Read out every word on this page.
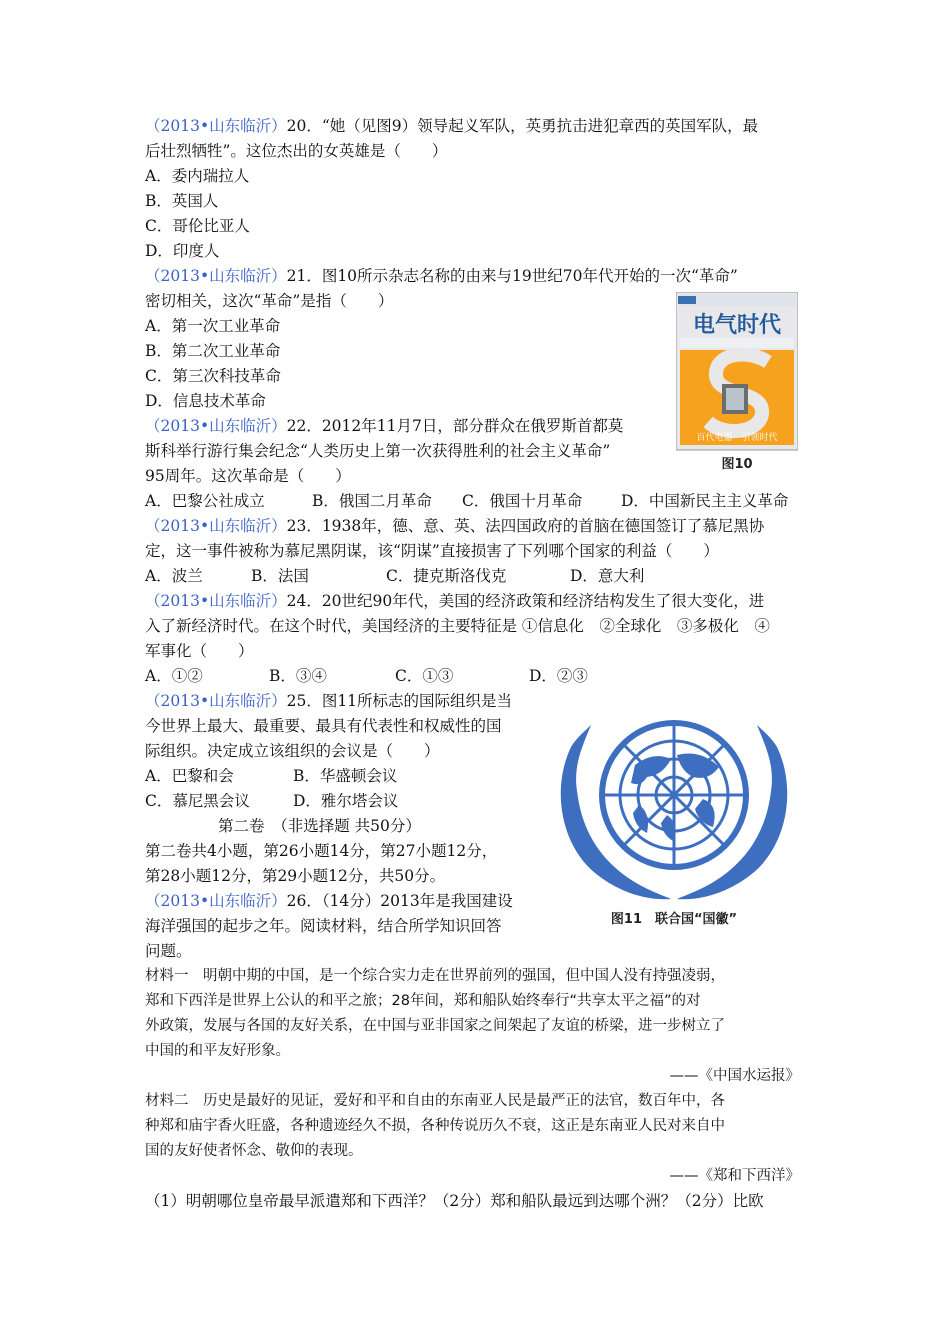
（2013•山东临沂）20．“她（见图9）领导起义军队，英勇抗击进犯章西的英国军队，最
后壮烈牺牲”。这位杰出的女英雄是（　　）
A．委内瑞拉人
B．英国人
C．哥伦比亚人
D．印度人
（2013•山东临沂）21．图10所示杂志名称的由来与19世纪70年代开始的一次“革命”
密切相关，这次“革命”是指（　　）
A．第一次工业革命
B．第二次工业革命
C．第三次科技革命
D．信息技术革命
电气时代
百代电器　引领时代
图10
（2013•山东临沂）22．2012年11月7日，部分群众在俄罗斯首都莫
斯科举行游行集会纪念“人类历史上第一次获得胜利的社会主义革命”
95周年。这次革命是（　　）
A．巴黎公社成立	B．俄国二月革命 C．俄国十月革命 D．中国新民主主义革命
（2013•山东临沂）23．1938年，德、意、英、法四国政府的首脑在德国签订了慕尼黑协
定，这一事件被称为慕尼黑阴谋，该“阴谋”直接损害了下列哪个国家的利益（　　）
A．波兰	B．法国	C．捷克斯洛伐克	D．意大利
（2013•山东临沂）24．20世纪90年代，美国的经济政策和经济结构发生了很大变化，进
入了新经济时代。在这个时代，美国经济的主要特征是 ①信息化　②全球化　③多极化　④
军事化（　　）
A．①②	B．③④	C．①③	D．②③
（2013•山东临沂）25．图11所标志的国际组织是当
今世界上最大、最重要、最具有代表性和权威性的国
际组织。决定成立该组织的会议是（　　）
A．巴黎和会	B．华盛顿会议
C．慕尼黑会议	D．雅尔塔会议
图11　联合国“国徽”
第二卷　（非选择题 共50分）
第二卷共4小题，第26小题14分，第27小题12分，
第28小题12分，第29小题12分，共50分。
（2013•山东临沂）26．（14分）2013年是我国建设
海洋强国的起步之年。阅读材料，结合所学知识回答
问题。
材料一　明朝中期的中国，是一个综合实力走在世界前列的强国，但中国人没有持强凌弱，
郑和下西洋是世界上公认的和平之旅；28年间，郑和船队始终奉行“共享太平之福”的对
外政策，发展与各国的友好关系，在中国与亚非国家之间架起了友谊的桥梁，进一步树立了
中国的和平友好形象。
——《中国水运报》
材料二　历史是最好的见证，爱好和平和自由的东南亚人民是最严正的法官，数百年中，各
种郑和庙宇香火旺盛，各种遗迹经久不损，各种传说历久不衰，这正是东南亚人民对来自中
国的友好使者怀念、敬仰的表现。
——《郑和下西洋》
（1）明朝哪位皇帝最早派遣郑和下西洋？（2分）郑和船队最远到达哪个洲？（2分）比欧
